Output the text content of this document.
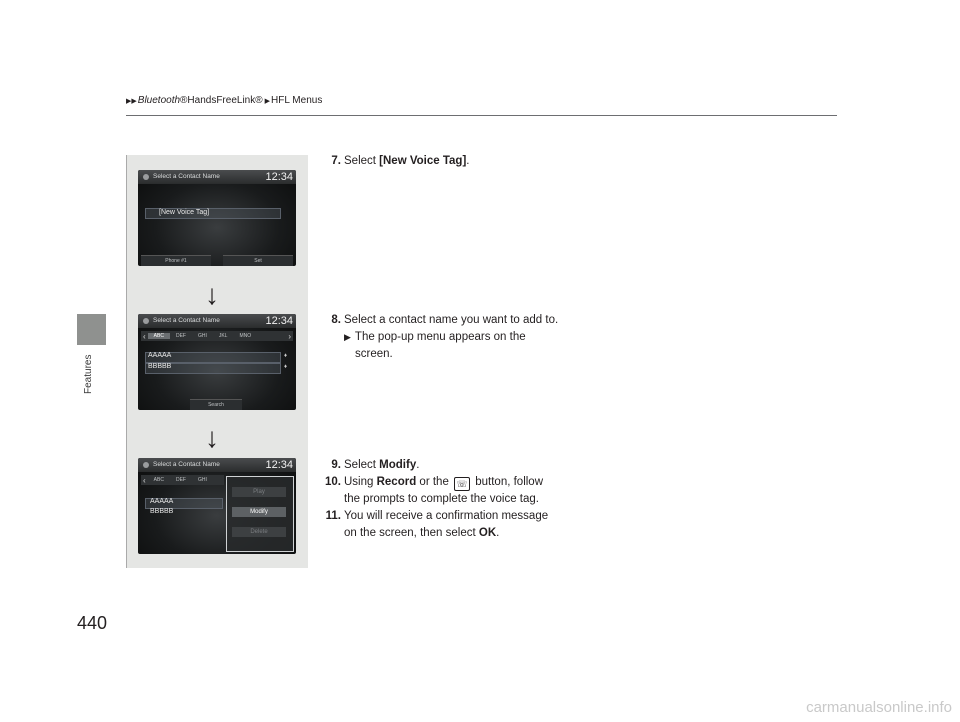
Features
▶▶ Bluetooth ® HandsFreeLink® ▶ HFL Menus
Select a Contact Name	12:34
[New Voice Tag]
Phone #1	Set
↓
Select a Contact Name	12:34
‹	ABC	DEF	GHI	JKL	MNO	›
AAAAA	♦
BBBBB	♦
Search
↓
Select a Contact Name	12:34
‹	ABC	DEF	GHI
AAAAA
BBBBB
Play
Modify
Delete
7. Select [New Voice Tag].
8. Select a contact name you want to add to.
▶ The pop-up menu appears on the
screen.
9. Select Modify.
10. Using Record or the ☏ button, follow
the prompts to complete the voice tag.
11. You will receive a confirmation message
on the screen, then select OK.
440
carmanualsonline.info
